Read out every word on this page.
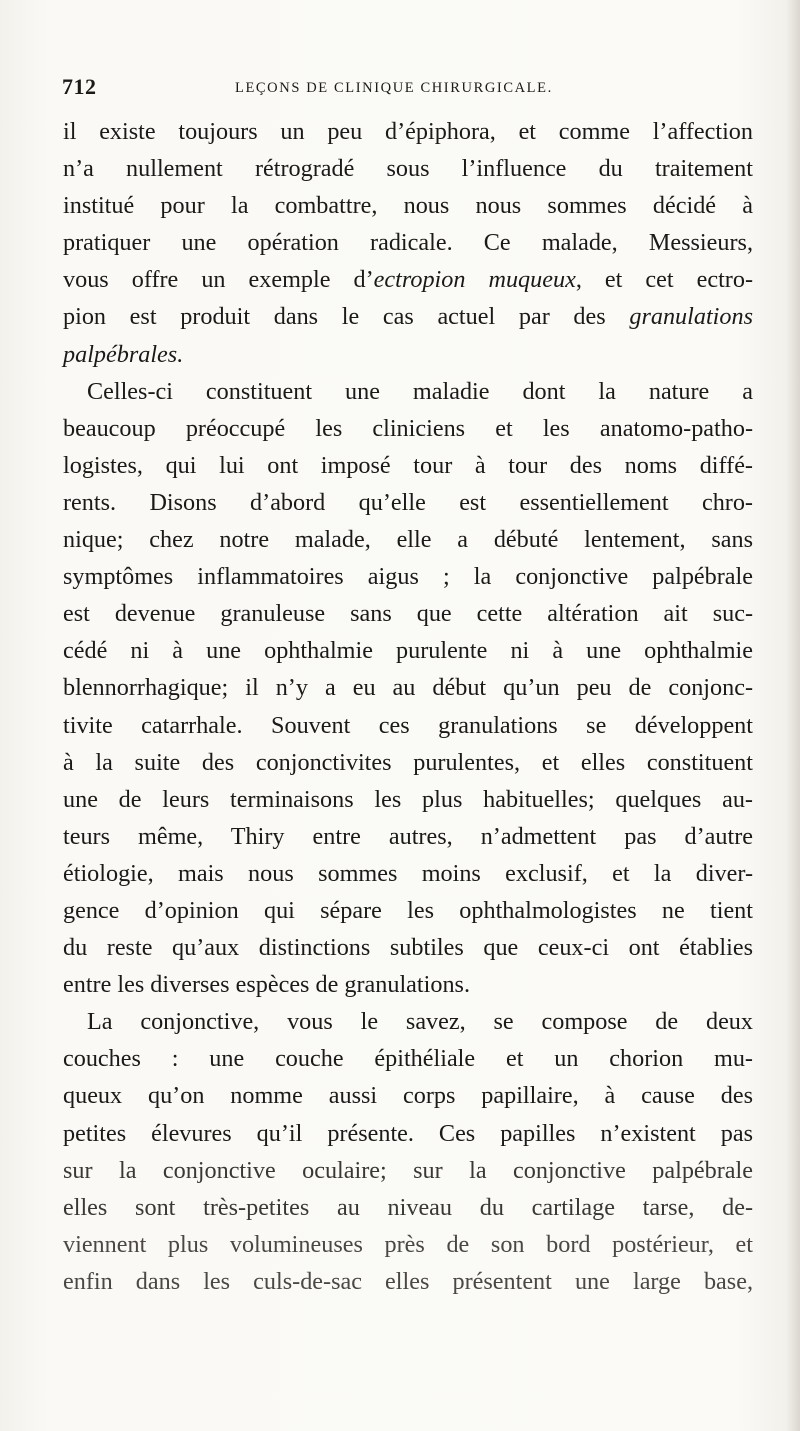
712	LEÇONS DE CLINIQUE CHIRURGICALE.
il existe toujours un peu d’épiphora, et comme l’affection
n’a nullement rétrogradé sous l’influence du traitement
institué pour la combattre, nous nous sommes décidé à
pratiquer une opération radicale. Ce malade, Messieurs,
vous offre un exemple d’ectropion muqueux, et cet ectro-
pion est produit dans le cas actuel par des granulations
palpébrales.
Celles-ci constituent une maladie dont la nature a
beaucoup préoccupé les cliniciens et les anatomo-patho-
logistes, qui lui ont imposé tour à tour des noms diffé-
rents. Disons d’abord qu’elle est essentiellement chro-
nique; chez notre malade, elle a débuté lentement, sans
symptômes inflammatoires aigus ; la conjonctive palpébrale
est devenue granuleuse sans que cette altération ait suc-
cédé ni à une ophthalmie purulente ni à une ophthalmie
blennorrhagique; il n’y a eu au début qu’un peu de conjonc-
tivite catarrhale. Souvent ces granulations se développent
à la suite des conjonctivites purulentes, et elles constituent
une de leurs terminaisons les plus habituelles; quelques au-
teurs même, Thiry entre autres, n’admettent pas d’autre
étiologie, mais nous sommes moins exclusif, et la diver-
gence d’opinion qui sépare les ophthalmologistes ne tient
du reste qu’aux distinctions subtiles que ceux-ci ont établies
entre les diverses espèces de granulations.
La conjonctive, vous le savez, se compose de deux
couches : une couche épithéliale et un chorion mu-
queux qu’on nomme aussi corps papillaire, à cause des
petites élevures qu’il présente. Ces papilles n’existent pas
sur la conjonctive oculaire; sur la conjonctive palpébrale
elles sont très-petites au niveau du cartilage tarse, de-
viennent plus volumineuses près de son bord postérieur, et
enfin dans les culs-de-sac elles présentent une large base,
